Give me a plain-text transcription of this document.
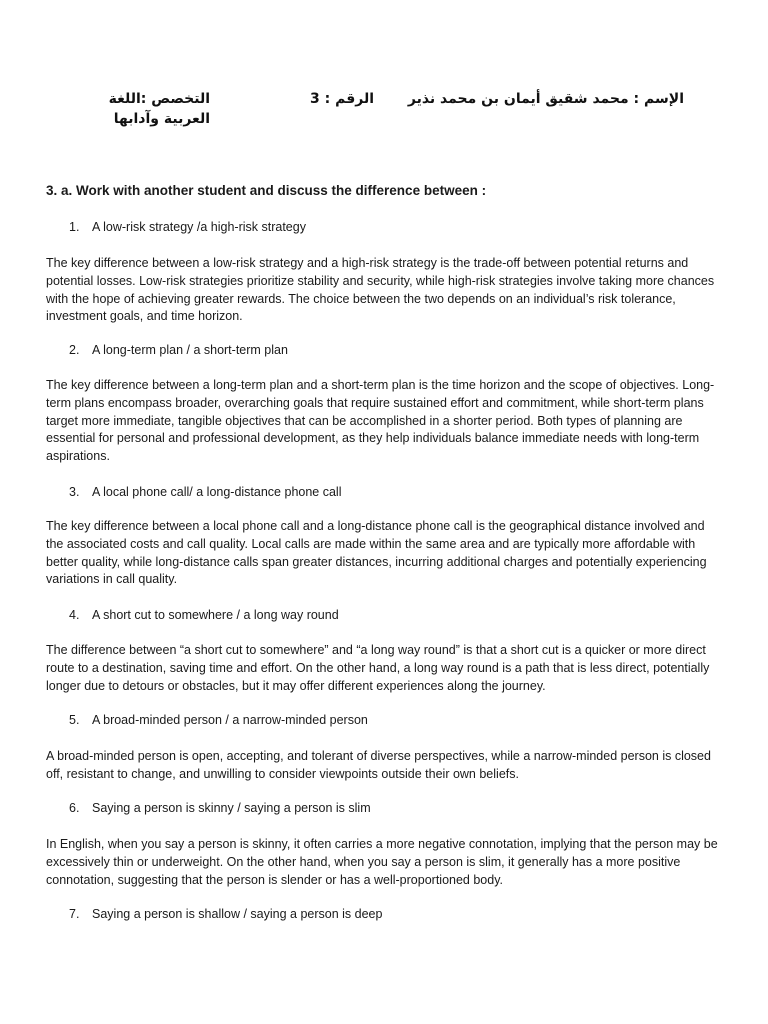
الإسم : محمد شقيق أيمان بن محمد نذير
الرقم : 3
التخصص :اللغة العربية وآدابها
3. a. Work with another student and discuss the difference between :
1. A low-risk strategy /a high-risk strategy

The key difference between a low-risk strategy and a high-risk strategy is the trade-off between potential returns and potential losses. Low-risk strategies prioritize stability and security, while high-risk strategies involve taking more chances with the hope of achieving greater rewards. The choice between the two depends on an individual’s risk tolerance, investment goals, and time horizon.

2. A long-term plan / a short-term plan

The key difference between a long-term plan and a short-term plan is the time horizon and the scope of objectives. Long-term plans encompass broader, overarching goals that require sustained effort and commitment, while short-term plans target more immediate, tangible objectives that can be accomplished in a shorter period. Both types of planning are essential for personal and professional development, as they help individuals balance immediate needs with long-term aspirations.

3. A local phone call/ a long-distance phone call

The key difference between a local phone call and a long-distance phone call is the geographical distance involved and the associated costs and call quality. Local calls are made within the same area and are typically more affordable with better quality, while long-distance calls span greater distances, incurring additional charges and potentially experiencing variations in call quality.

4. A short cut to somewhere / a long way round

The difference between “a short cut to somewhere” and “a long way round” is that a short cut is a quicker or more direct route to a destination, saving time and effort. On the other hand, a long way round is a path that is less direct, potentially longer due to detours or obstacles, but it may offer different experiences along the journey.

5. A broad-minded person / a narrow-minded person

A broad-minded person is open, accepting, and tolerant of diverse perspectives, while a narrow-minded person is closed off, resistant to change, and unwilling to consider viewpoints outside their own beliefs.

6. Saying a person is skinny / saying a person is slim

In English, when you say a person is skinny, it often carries a more negative connotation, implying that the person may be excessively thin or underweight. On the other hand, when you say a person is slim, it generally has a more positive connotation, suggesting that the person is slender or has a well-proportioned body.

7. Saying a person is shallow / saying a person is deep
